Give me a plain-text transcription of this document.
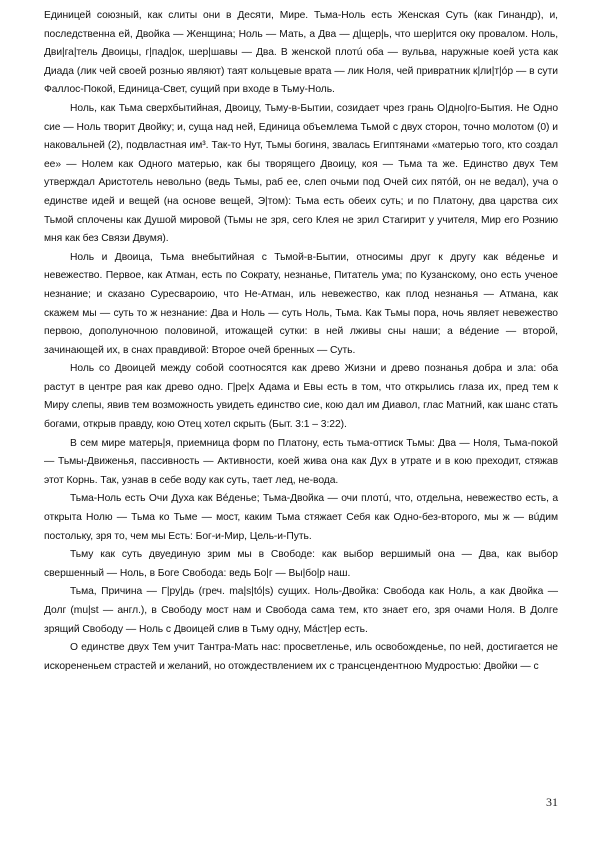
Единицей союзный, как слиты они в Десяти, Мире. Тьма-Ноль есть Женская Суть (как Гинандр), и, последственна ей, Двойка — Женщина; Ноль — Мать, а Два — д|щер|ь, что шер|ится оку провалом. Ноль, Дви|га|тель Двоицы, г|пад|ок, шер|шавы — Два. В женской плотú оба — вульва, наружные коей уста как Диада (лик чей своей рознью являют) таят кольцевые врата — лик Ноля, чей привратник к|ли|т|óр — в сути Фаллос-Покой, Единица-Свет, сущий при входе в Тьму-Ноль.

Ноль, как Тьма сверхбытийная, Двоицу, Тьму-в-Бытии, созидает чрез грань О|дно|го-Бытия. Не Одно сие — Ноль творит Двойку; и, суща над ней, Единица объемлема Тьмой с двух сторон, точно молотом (0) и наковальней (2), подвластная им³. Так-то Нут, Тьмы богиня, звалась Египтянами «матерью того, кто создал ее» — Нолем как Одного матерью, как бы творящего Двоицу, коя — Тьма та же. Единство двух Тем утверждал Аристотель невольно (ведь Тьмы, раб ее, слеп очьми под Очей сих пятóй, он не ведал), уча о единстве идей и вещей (на основе вещей, Э|том): Тьма есть обеих суть; и по Платону, два царства сих Тьмой сплочены как Душой мировой (Тьмы не зря, сего Клея не зрил Стагирит у учителя, Мир его Рознию мня как без Связи Двумя).

Ноль и Двоица, Тьма внебытийная с Тьмой-в-Бытии, относимы друг к другу как вéденье и невежество. Первое, как Атман, есть по Сократу, незнанье, Питатель ума; по Кузанскому, оно есть ученое незнание; и сказано Суресвароию, что Не-Атман, иль невежество, как плод незнанья — Атмана, как скажем мы — суть то ж незнание: Два и Ноль — суть Ноль, Тьма. Как Тьмы пора, ночь являет невежество первою, дополуночною половиной, итожащей сутки: в ней лживы сны наши; а вéдение — второй, зачинающей их, в снах правдивой: Второе очей бренных — Суть.

Ноль со Двоицей между собой соотносятся как древо Жизни и древо познанья добра и зла: оба растут в центре рая как древо одно. Г|ре|х Адама и Евы есть в том, что открылись глаза их, пред тем к Миру слепы, явив тем возможность увидеть единство сие, кою дал им Диавол, глас Матний, как шанс стать богами, открыв правду, кою Отец хотел скрыть (Быт. 3:1 – 3:22).

В сем мире матерь|я, приемница форм по Платону, есть тьма-оттиск Тьмы: Два — Ноля, Тьма-покой — Тьмы-Движенья, пассивность — Активности, коей жива она как Дух в утрате и в кою преходит, стяжав этот Корнь. Так, узнав в себе воду как суть, тает лед, не-вода.

Тьма-Ноль есть Очи Духа как Вéденье; Тьма-Двойка — очи плотú, что, отдельна, невежество есть, а открыта Нолю — Тьма ко Тьме — мост, каким Тьма стяжает Себя как Одно-без-второго, мы ж — вúдим постольку, зря то, чем мы Есть: Бог-и-Мир, Цель-и-Путь.

Тьму как суть двуединую зрим мы в Свободе: как выбор вершимый она — Два, как выбор свершенный — Ноль, в Боге Свобода: ведь Бо|г — Вы|бо|р наш.

Тьма, Причина — Г|ру|дь (греч. ma|s|tó|s) сущих. Ноль-Двойка: Свобода как Ноль, а как Двойка — Долг (mu|st — англ.), в Свободу мост нам и Свобода сама тем, кто знает его, зря очами Ноля. В Долге зрящий Свободу — Ноль с Двоицей слив в Тьму одну, Мáст|ер есть.

О единстве двух Тем учит Тантра-Мать нас: просветленье, иль освобожденье, по ней, достигается не искорененьем страстей и желаний, но отождествлением их с трансцендентною Мудростью: Двойки — с

31
